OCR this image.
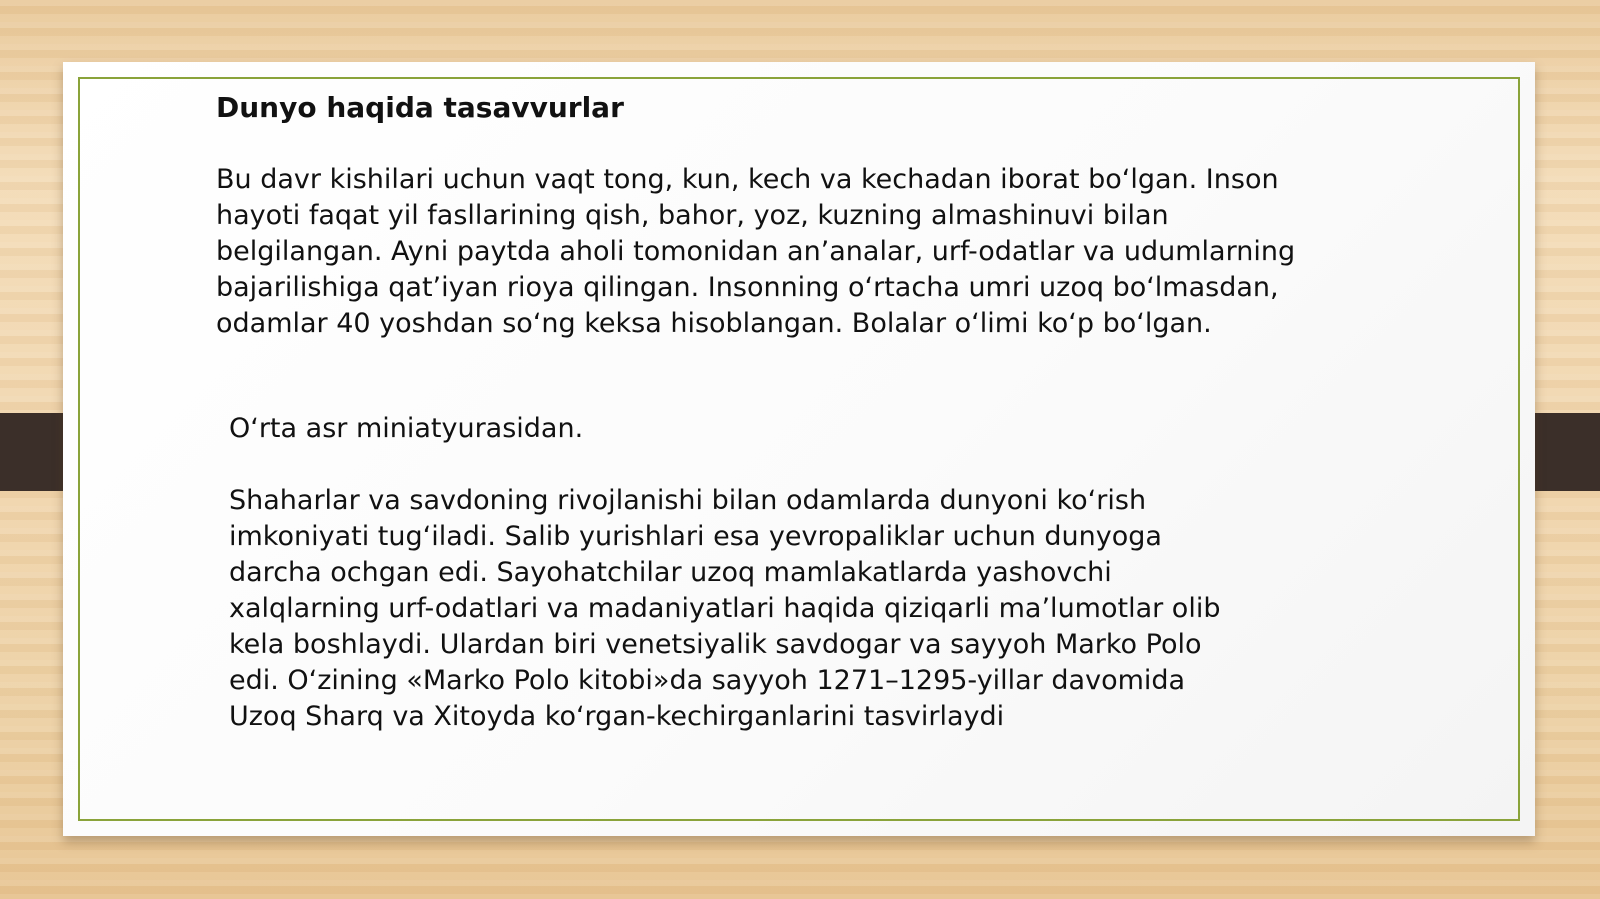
Dunyo haqida tasavvurlar

Bu davr kishilari uchun vaqt tong, kun, kech va kechadan iborat boʻlgan. Inson
hayoti faqat yil fasllarining qish, bahor, yoz, kuzning almashinuvi bilan
belgilangan. Ayni paytda aholi tomonidan an’analar, urf-odatlar va udumlarning
bajarilishiga qat’iyan rioya qilingan. Insonning oʻrtacha umri uzoq boʻlmasdan,
odamlar 40 yoshdan soʻng keksa hisoblangan. Bolalar oʻlimi koʻp boʻlgan.

Oʻrta asr miniatyurasidan.

Shaharlar va savdoning rivojlanishi bilan odamlarda dunyoni koʻrish
imkoniyati tugʻiladi. Salib yurishlari esa yevropaliklar uchun dunyoga
darcha ochgan edi. Sayohatchilar uzoq mamlakatlarda yashovchi
xalqlarning urf-odatlari va madaniyatlari haqida qiziqarli ma’lumotlar olib
kela boshlaydi. Ulardan biri venetsiyalik savdogar va sayyoh Marko Polo
edi. Oʻzining «Marko Polo kitobi»da sayyoh 1271–1295-yillar davomida
Uzoq Sharq va Xitoyda koʻrgan-kechirganlarini tasvirlaydi
